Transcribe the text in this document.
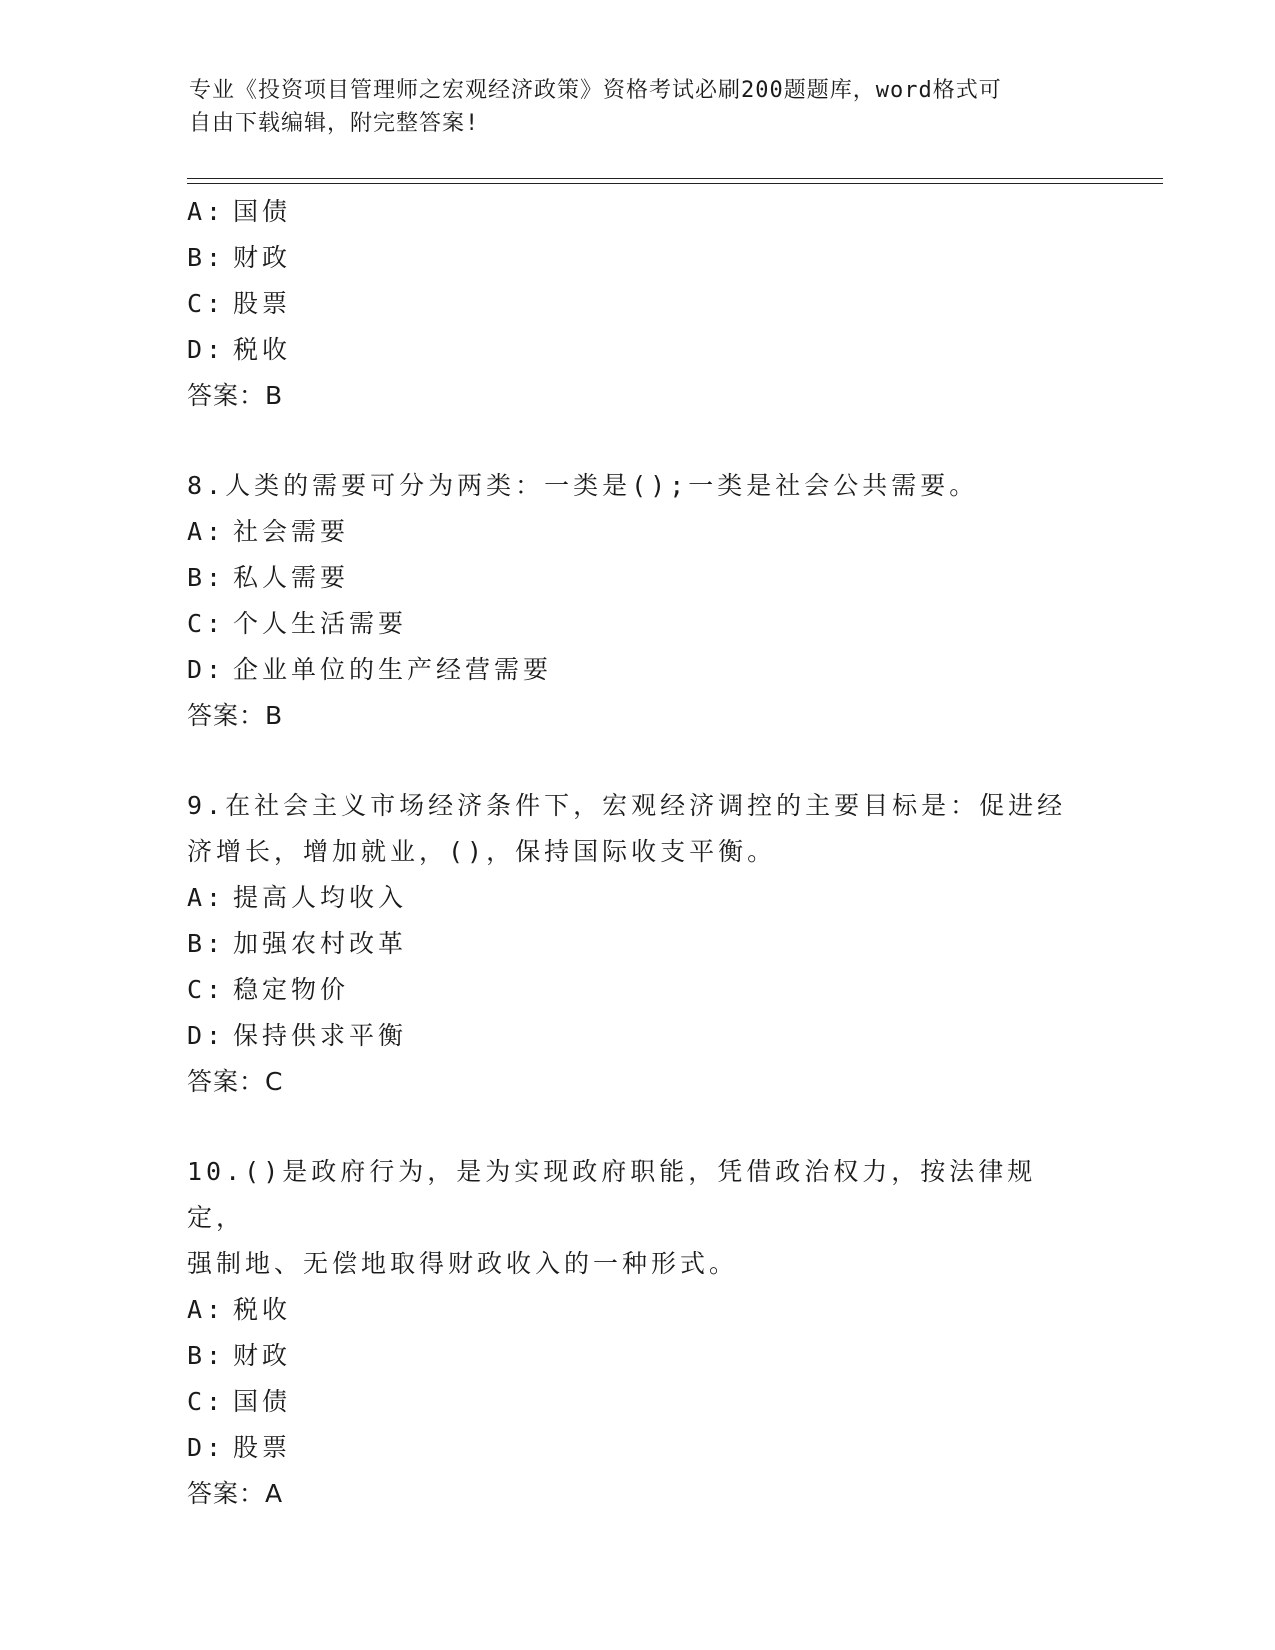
专业《投资项目管理师之宏观经济政策》资格考试必刷200题题库，word格式可
自由下载编辑，附完整答案!
A: 国债
B: 财政
C: 股票
D: 税收
答案：B
8.人类的需要可分为两类：一类是();一类是社会公共需要。
A: 社会需要
B: 私人需要
C: 个人生活需要
D: 企业单位的生产经营需要
答案：B
9.在社会主义市场经济条件下，宏观经济调控的主要目标是：促进经
济增长，增加就业，()，保持国际收支平衡。
A: 提高人均收入
B: 加强农村改革
C: 稳定物价
D: 保持供求平衡
答案：C
10.()是政府行为，是为实现政府职能，凭借政治权力，按法律规定，
强制地、无偿地取得财政收入的一种形式。
A: 税收
B: 财政
C: 国债
D: 股票
答案：A
